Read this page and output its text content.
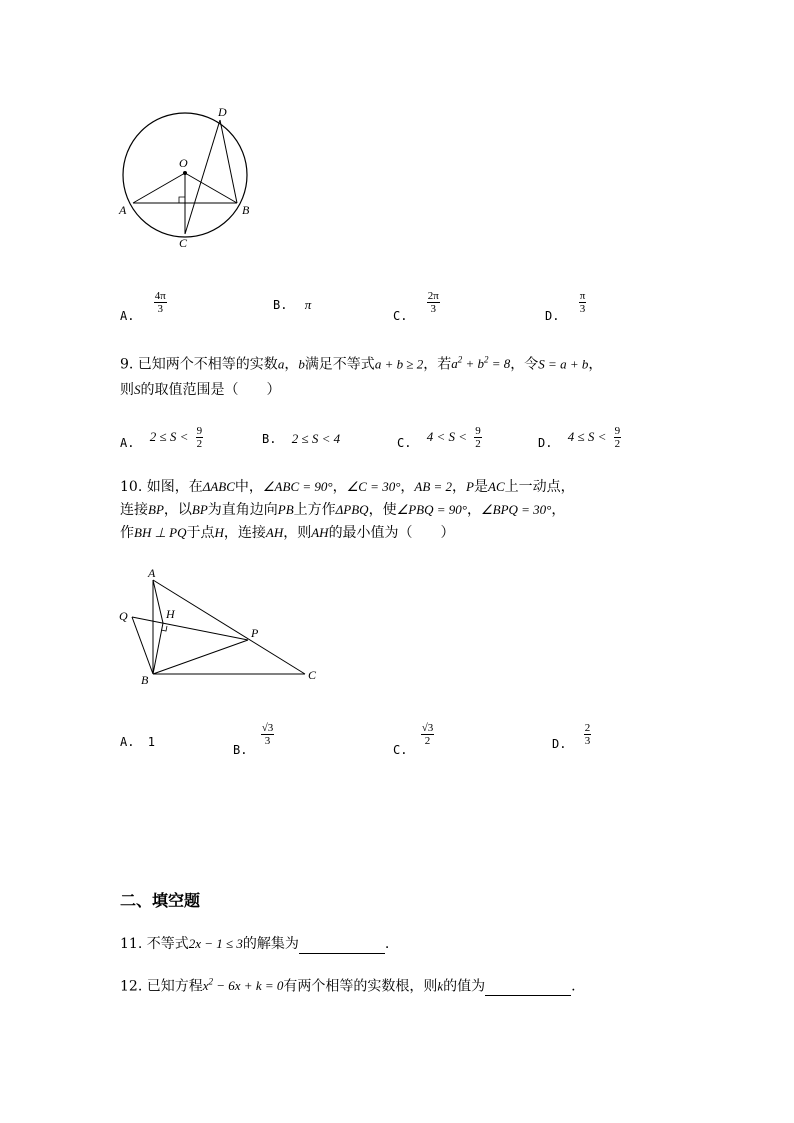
D
O
A	B
C
A.
$\frac{4\pi}{3}$	B. π
C.
$\frac{2\pi}{3}$
D.
$\frac{\pi}{3}$
9. 已知两个不相等的实数a，b满足不等式a + b ≥ 2，若$a^2 + b^2 = 8$，令S = a + b，
则S的取值范围是（　　）
A. $2 \le S < \frac{9}{2}$	B. 2 ≤ S < 4	C. $4 < S < \frac{9}{2}$	D. $4 \le S < \frac{9}{2}$
10. 如图，在ΔABC中，∠ABC = 90°，∠C = 30°，AB = 2，P是AC上一动点，
连接BP，以BP为直角边向PB上方作ΔPBQ，使∠PBQ = 90°，∠BPQ = 30°，
作BH ⊥ PQ于点H，连接AH，则AH的最小值为（　　）
A
Q	H
P
B	C
A. 1
B.
$\frac{√3}{3}$
C.
$\frac{√3}{2}$	D. $\frac{2}{3}$
二、填空题
11. 不等式2x − 1 ≤ 3的解集为	.
12. 已知方程$x^2 - 6x + k = 0$有两个相等的实数根，则k的值为	.
